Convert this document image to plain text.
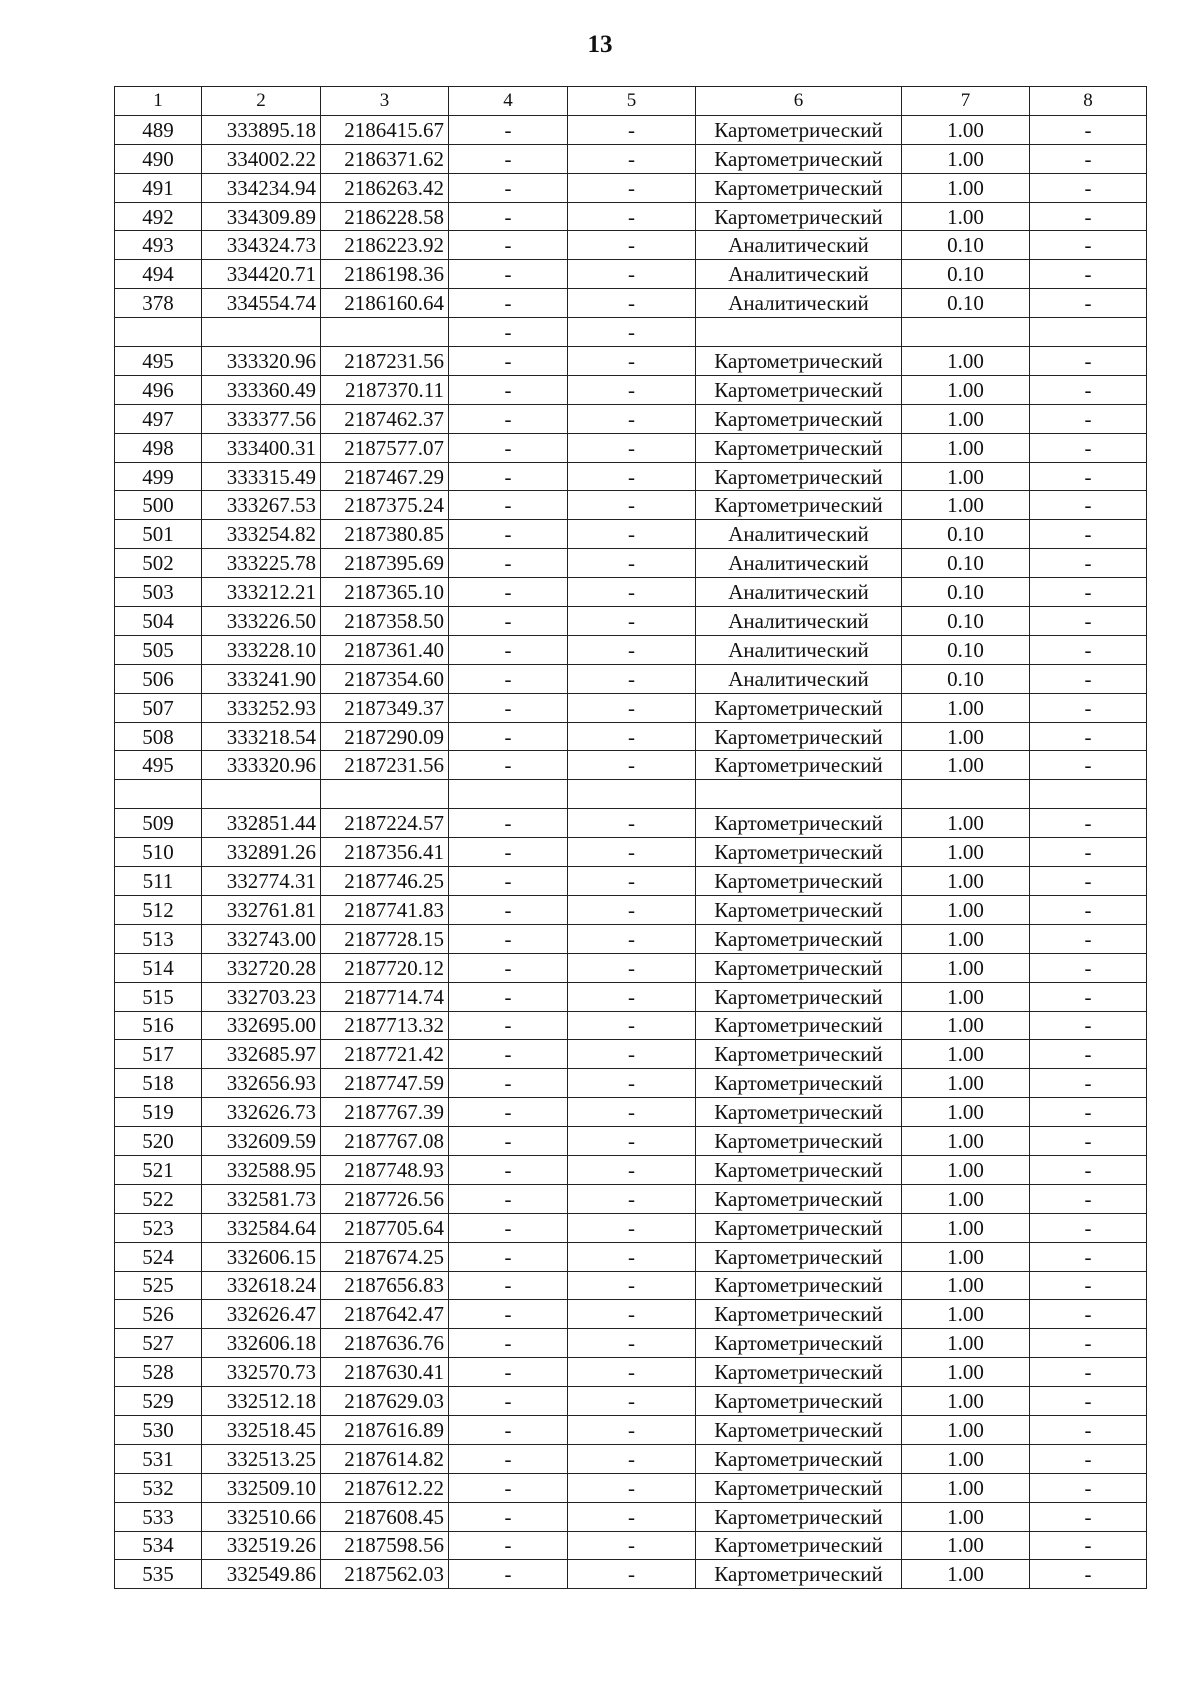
13
1	2	3	4	5	6	7	8
489	333895.18	2186415.67	-	-	Картометрический	1.00	-
490	334002.22	2186371.62	-	-	Картометрический	1.00	-
491	334234.94	2186263.42	-	-	Картометрический	1.00	-
492	334309.89	2186228.58	-	-	Картометрический	1.00	-
493	334324.73	2186223.92	-	-	Аналитический	0.10	-
494	334420.71	2186198.36	-	-	Аналитический	0.10	-
378	334554.74	2186160.64	-	-	Аналитический	0.10	-
			-	-			
495	333320.96	2187231.56	-	-	Картометрический	1.00	-
496	333360.49	2187370.11	-	-	Картометрический	1.00	-
497	333377.56	2187462.37	-	-	Картометрический	1.00	-
498	333400.31	2187577.07	-	-	Картометрический	1.00	-
499	333315.49	2187467.29	-	-	Картометрический	1.00	-
500	333267.53	2187375.24	-	-	Картометрический	1.00	-
501	333254.82	2187380.85	-	-	Аналитический	0.10	-
502	333225.78	2187395.69	-	-	Аналитический	0.10	-
503	333212.21	2187365.10	-	-	Аналитический	0.10	-
504	333226.50	2187358.50	-	-	Аналитический	0.10	-
505	333228.10	2187361.40	-	-	Аналитический	0.10	-
506	333241.90	2187354.60	-	-	Аналитический	0.10	-
507	333252.93	2187349.37	-	-	Картометрический	1.00	-
508	333218.54	2187290.09	-	-	Картометрический	1.00	-
495	333320.96	2187231.56	-	-	Картометрический	1.00	-

509	332851.44	2187224.57	-	-	Картометрический	1.00	-
510	332891.26	2187356.41	-	-	Картометрический	1.00	-
511	332774.31	2187746.25	-	-	Картометрический	1.00	-
512	332761.81	2187741.83	-	-	Картометрический	1.00	-
513	332743.00	2187728.15	-	-	Картометрический	1.00	-
514	332720.28	2187720.12	-	-	Картометрический	1.00	-
515	332703.23	2187714.74	-	-	Картометрический	1.00	-
516	332695.00	2187713.32	-	-	Картометрический	1.00	-
517	332685.97	2187721.42	-	-	Картометрический	1.00	-
518	332656.93	2187747.59	-	-	Картометрический	1.00	-
519	332626.73	2187767.39	-	-	Картометрический	1.00	-
520	332609.59	2187767.08	-	-	Картометрический	1.00	-
521	332588.95	2187748.93	-	-	Картометрический	1.00	-
522	332581.73	2187726.56	-	-	Картометрический	1.00	-
523	332584.64	2187705.64	-	-	Картометрический	1.00	-
524	332606.15	2187674.25	-	-	Картометрический	1.00	-
525	332618.24	2187656.83	-	-	Картометрический	1.00	-
526	332626.47	2187642.47	-	-	Картометрический	1.00	-
527	332606.18	2187636.76	-	-	Картометрический	1.00	-
528	332570.73	2187630.41	-	-	Картометрический	1.00	-
529	332512.18	2187629.03	-	-	Картометрический	1.00	-
530	332518.45	2187616.89	-	-	Картометрический	1.00	-
531	332513.25	2187614.82	-	-	Картометрический	1.00	-
532	332509.10	2187612.22	-	-	Картометрический	1.00	-
533	332510.66	2187608.45	-	-	Картометрический	1.00	-
534	332519.26	2187598.56	-	-	Картометрический	1.00	-
535	332549.86	2187562.03	-	-	Картометрический	1.00	-
